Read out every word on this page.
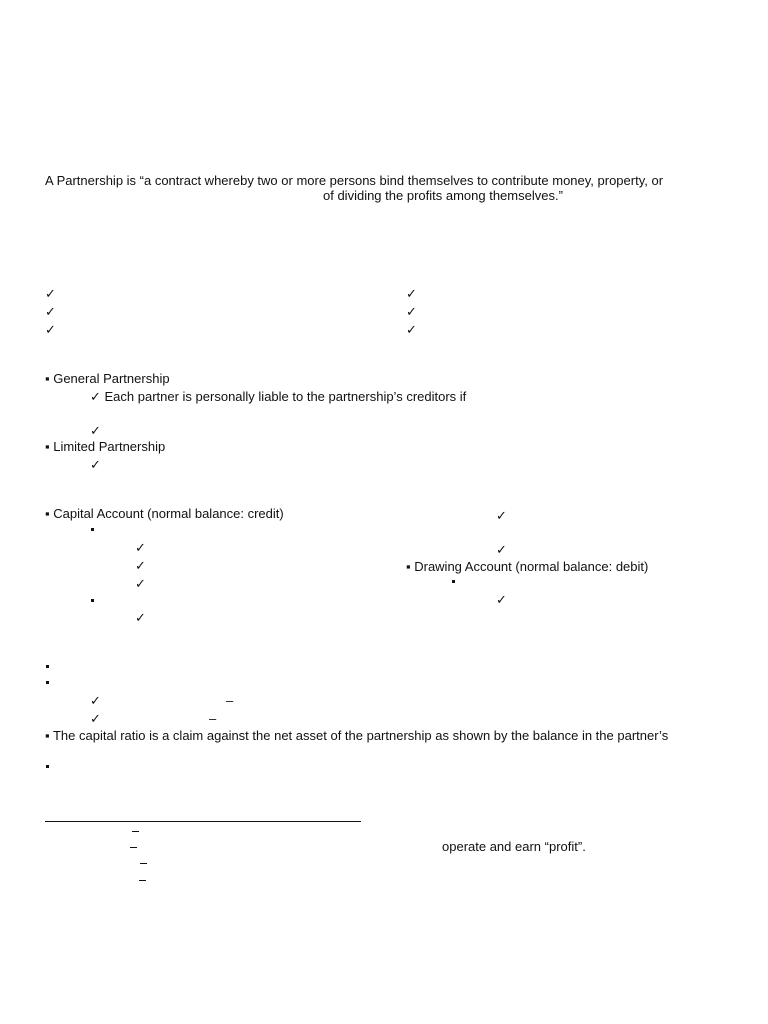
A Partnership is “a contract whereby two or more persons bind themselves to contribute money, property, or
of dividing the profits among themselves.”
✓
✓
✓
✓
✓
✓
▪ General Partnership
✓ Each partner is personally liable to the partnership’s creditors if
✓
▪ Limited Partnership
✓
▪ Capital Account (normal balance: credit)
✓
✓
✓
✓
✓
✓
▪ Drawing Account (normal balance: debit)
✓
✓	–
✓	–
▪ The capital ratio is a claim against the net asset of the partnership as shown by the balance in the partner’s
operate and earn “profit”.
